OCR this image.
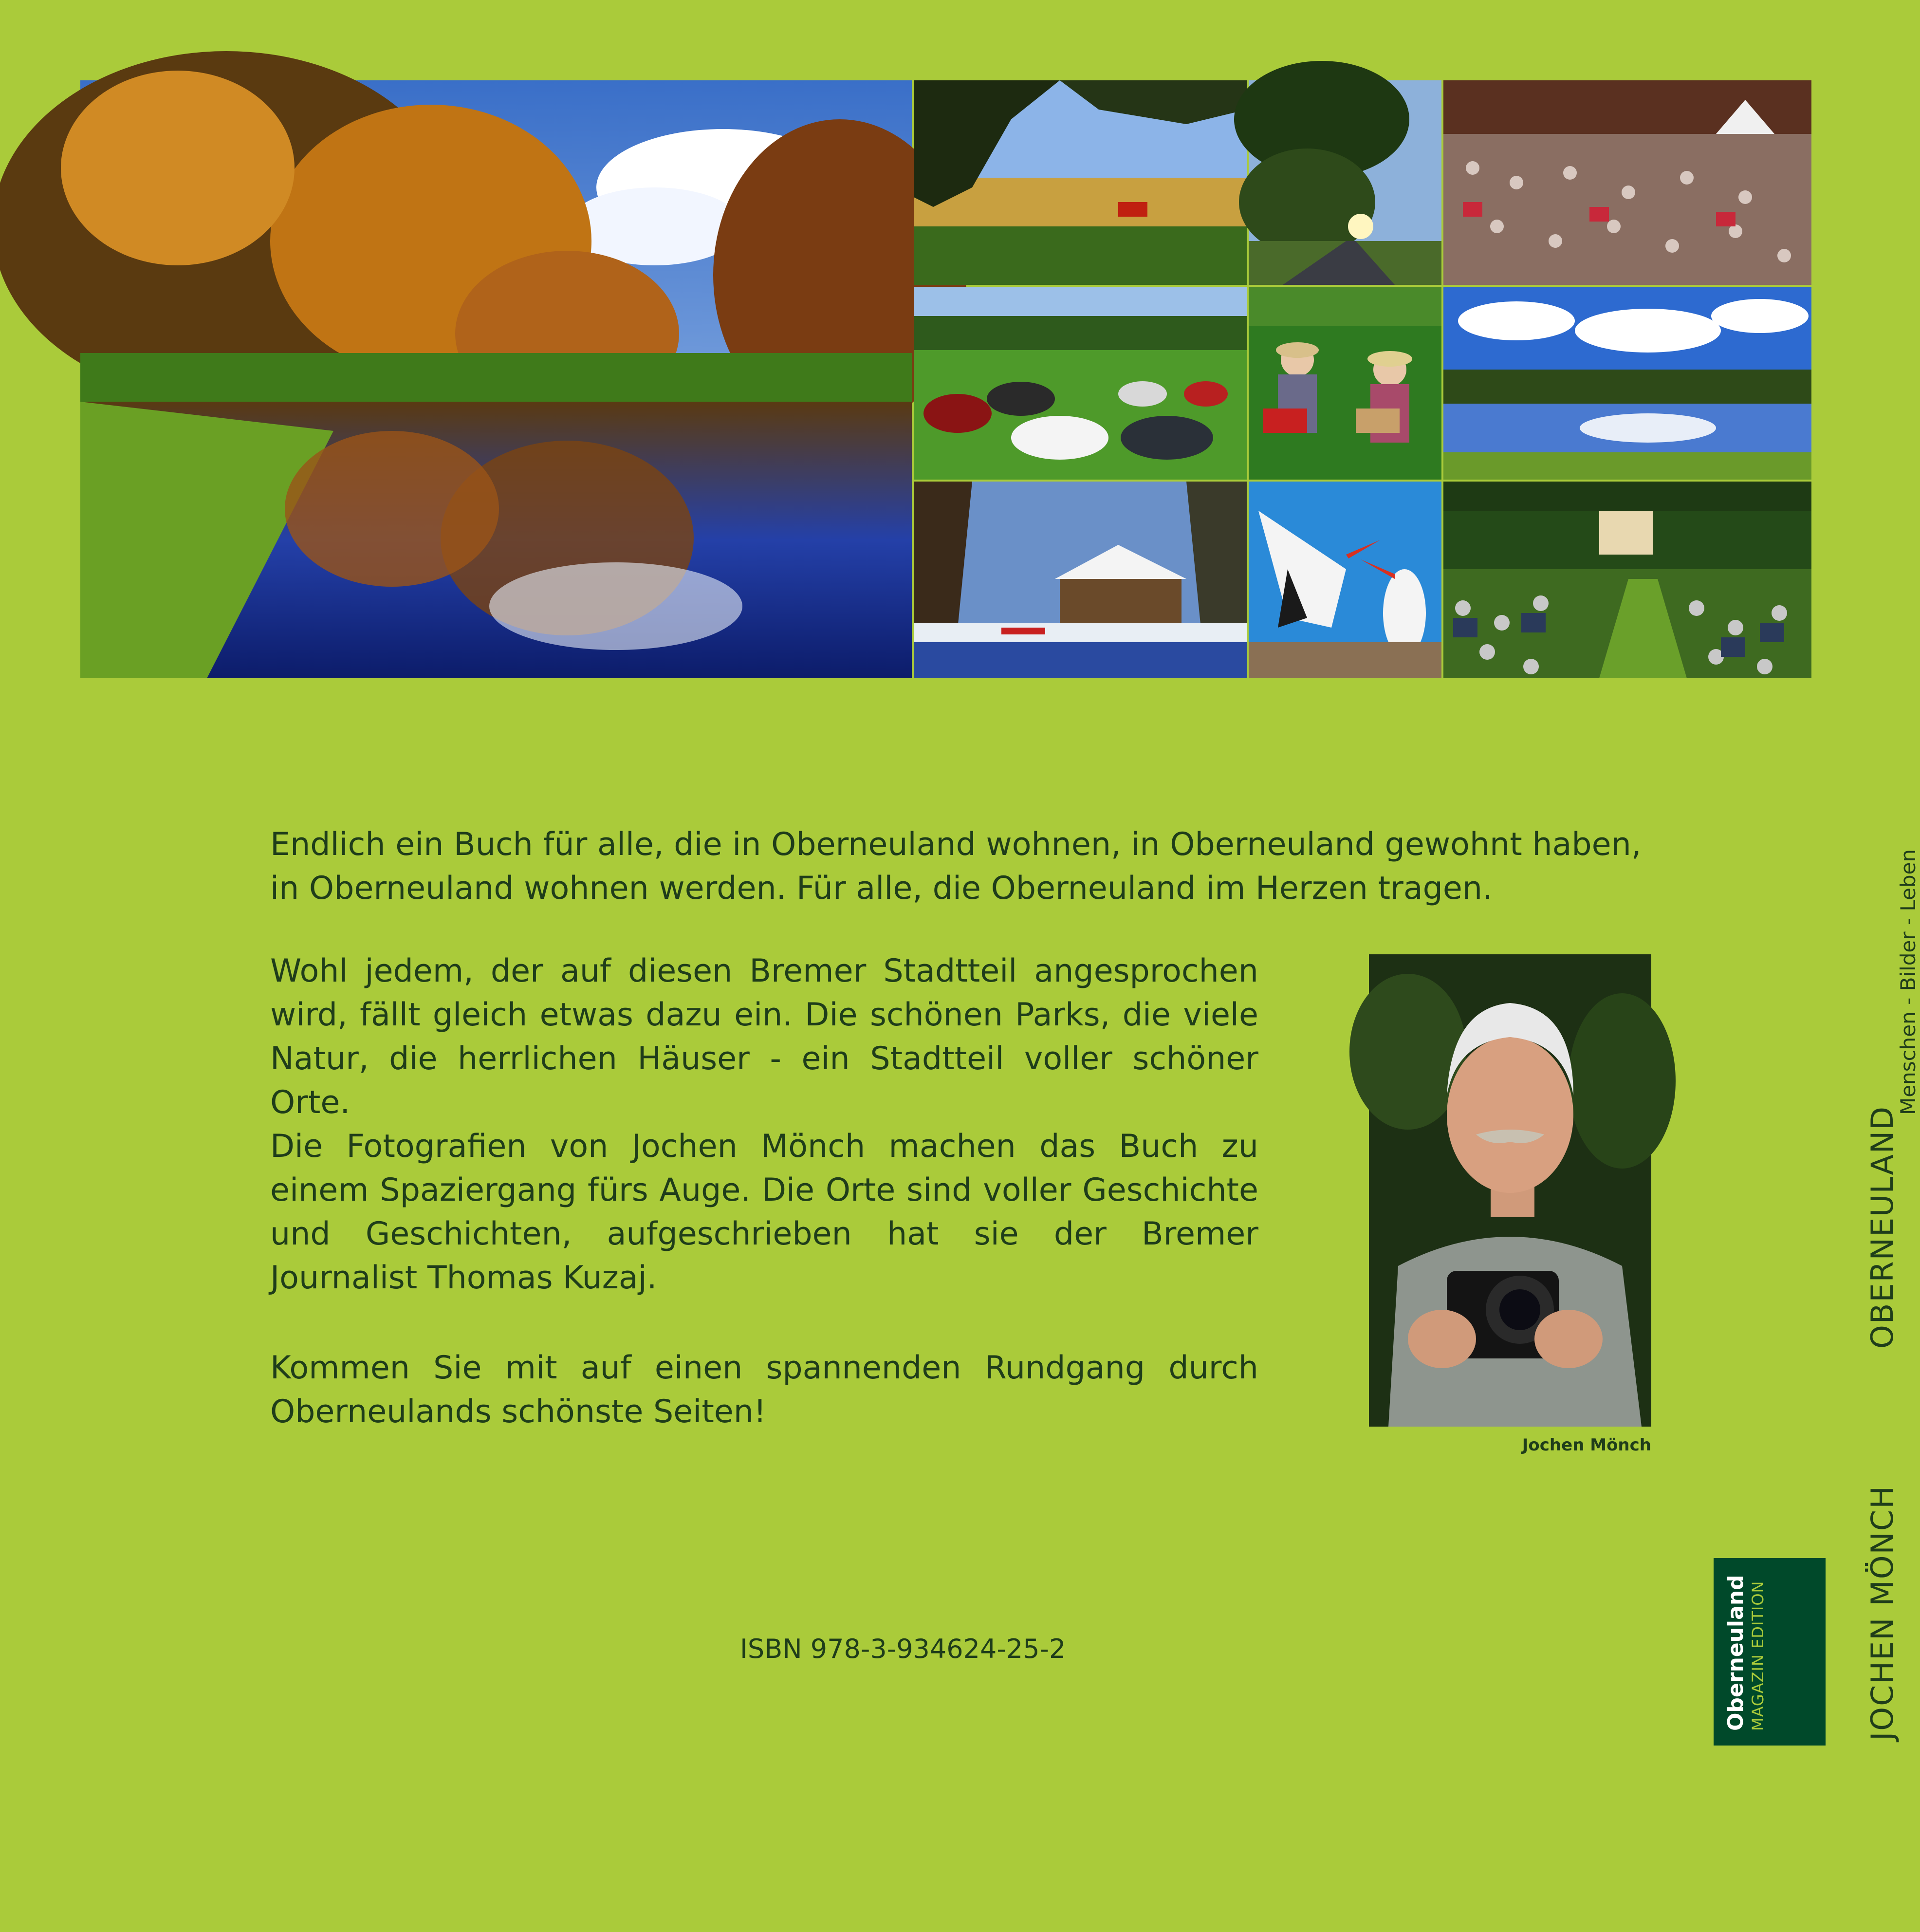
Endlich ein Buch für alle, die in Oberneuland wohnen, in Oberneuland gewohnt haben, in Oberneuland wohnen werden. Für alle, die Oberneuland im Herzen tragen.
Wohl jedem, der auf diesen Bremer Stadtteil angesprochen wird, fällt gleich etwas dazu ein. Die schönen Parks, die viele Natur, die herrlichen Häuser - ein Stadtteil voller schöner Orte.
Die Fotografien von Jochen Mönch machen das Buch zu einem Spaziergang fürs Auge. Die Orte sind voller Geschichte und Geschichten, aufgeschrieben hat sie der Bremer Journalist Thomas Kuzaj.
Kommen Sie mit auf einen spannenden Rundgang durch Oberneulands schönste Seiten!
Jochen Mönch
ISBN 978-3-934624-25-2
OBERNEULAND
Menschen - Bilder - Leben
JOCHEN MÖNCH
Oberneuland MAGAZIN EDITION
